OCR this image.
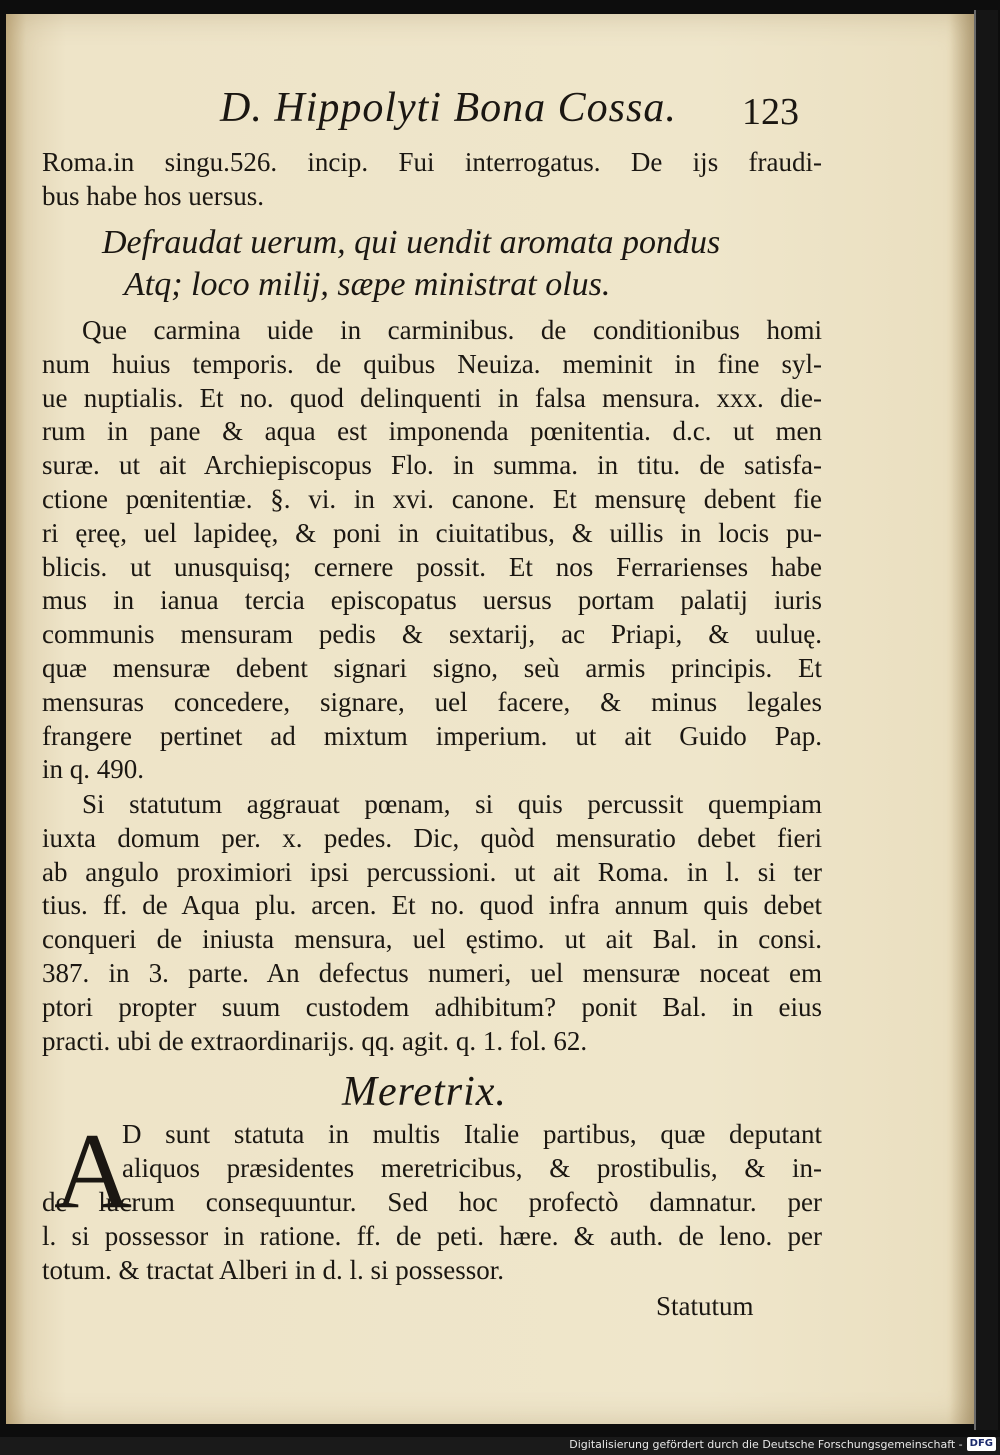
D. Hippolyti Bona Cossa. 123
Roma.in singu.526. incip. Fui interrogatus. De ijs fraudi-
bus habe hos uersus.
Defraudat uerum, qui uendit aromata pondus
Atq; loco milij, sæpe ministrat olus.
Que carmina uide in carminibus. de conditionibus homi
num huius temporis. de quibus Neuiza. meminit in fine syl-
ue nuptialis. Et no. quod delinquenti in falsa mensura. xxx. die-
rum in pane & aqua est imponenda pœnitentia. d.c. ut men
suræ. ut ait Archiepiscopus Flo. in summa. in titu. de satisfa-
ctione pœnitentiæ. §. vi. in xvi. canone. Et mensurę debent fie
ri ęreę, uel lapideę, & poni in ciuitatibus, & uillis in locis pu-
blicis. ut unusquisq; cernere possit. Et nos Ferrarienses habe
mus in ianua tercia episcopatus uersus portam palatij iuris
communis mensuram pedis & sextarij, ac Priapi, & uuluę.
quæ mensuræ debent signari signo, seù armis principis. Et
mensuras concedere, signare, uel facere, & minus legales
frangere pertinet ad mixtum imperium. ut ait Guido Pap.
in q. 490.
Si statutum aggrauat pœnam, si quis percussit quempiam
iuxta domum per. x. pedes. Dic, quòd mensuratio debet fieri
ab angulo proximiori ipsi percussioni. ut ait Roma. in l. si ter
tius. ff. de Aqua plu. arcen. Et no. quod infra annum quis debet
conqueri de iniusta mensura, uel ęstimo. ut ait Bal. in consi.
387. in 3. parte. An defectus numeri, uel mensuræ noceat em
ptori propter suum custodem adhibitum? ponit Bal. in eius
practi. ubi de extraordinarijs. qq. agit. q. 1. fol. 62.
Meretrix.
A
D sunt statuta in multis Italie partibus, quæ deputant
aliquos præsidentes meretricibus, & prostibulis, & in-
de lucrum consequuntur. Sed hoc profectò damnatur. per
l. si possessor in ratione. ff. de peti. hære. & auth. de leno. per
totum. & tractat Alberi in d. l. si possessor.
Statutum
Digitalisierung gefördert durch die Deutsche Forschungsgemeinschaft - DFG
